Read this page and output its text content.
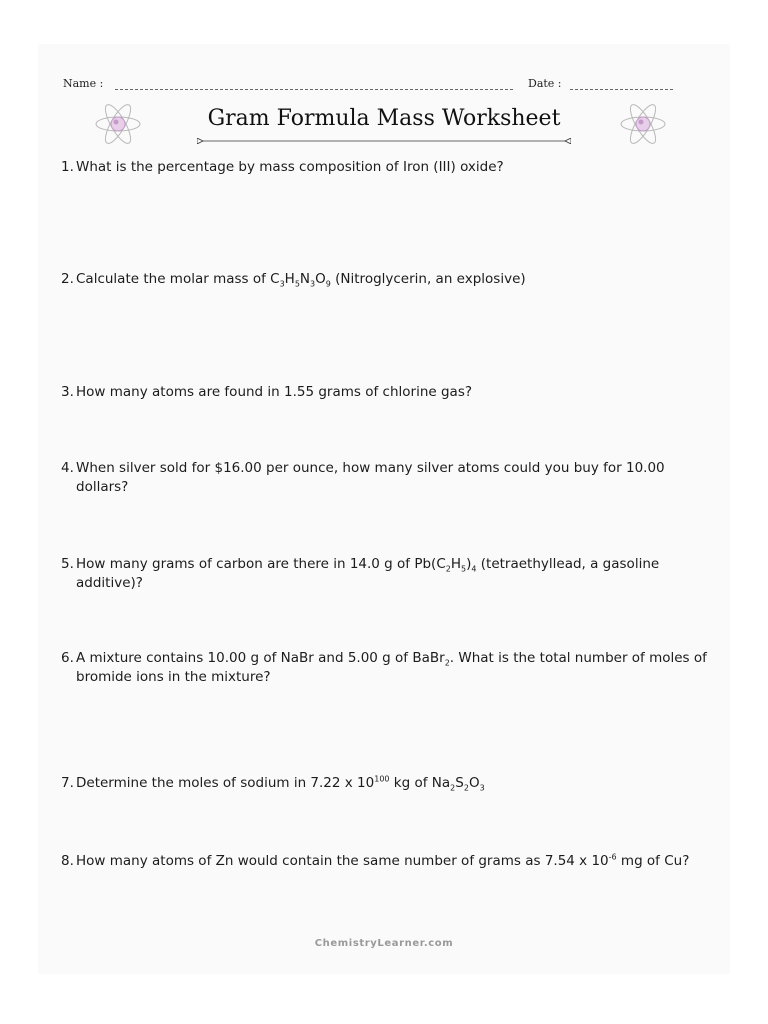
Name :	Date :
Gram Formula Mass Worksheet
1. What is the percentage by mass composition of Iron (III) oxide?
2. Calculate the molar mass of $C_3H_5N_3O_9$ (Nitroglycerin, an explosive)
3. How many atoms are found in 1.55 grams of chlorine gas?
4. When silver sold for $16.00 per ounce, how many silver atoms could you buy for 10.00 dollars?
5. How many grams of carbon are there in 14.0 g of $Pb(C_2H_5)_4$ (tetraethyllead, a gasoline additive)?
6. A mixture contains 10.00 g of NaBr and 5.00 g of BaBr$_2$. What is the total number of moles of bromide ions in the mixture?
7. Determine the moles of sodium in 7.22 x $10^{100}$ kg of $Na_2S_2O_3$
8. How many atoms of Zn would contain the same number of grams as 7.54 x $10^{-6}$ mg of Cu?
ChemistryLearner.com
